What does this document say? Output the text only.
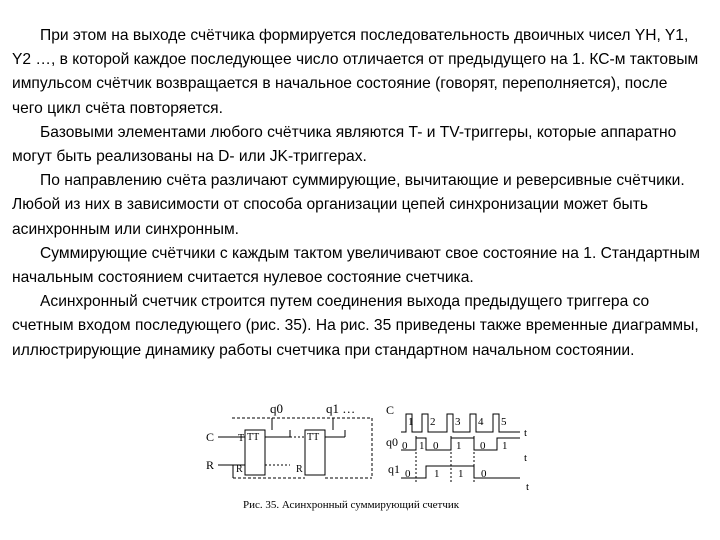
При этом на выходе счётчика формируется последовательность двоичных чисел YH, Y1, Y2 …, в которой каждое последующее число отличается от предыдущего на 1. КС-м тактовым импульсом счётчик возвращается в начальное состояние (говорят, переполняется), после чего цикл счёта повторяется.

Базовыми элементами любого счётчика являются T- и TV-триггеры, которые аппаратно могут быть реализованы на D- или JK-триггерах.

По направлению счёта различают суммирующие, вычитающие и реверсивные счётчики. Любой из них в зависимости от способа организации цепей синхронизации может быть асинхронным или синхронным.

Суммирующие счётчики с каждым тактом увеличивают свое состояние на 1. Стандартным начальным состоянием считается нулевое состояние счетчика.

Асинхронный счетчик строится путем соединения выхода предыдущего триггера со счетным входом последующего (рис. 35). На рис. 35 приведены также временные диаграммы, иллюстрирующие динамику работы счетчика при стандартном начальном состоянии.

q0	q1 …
C
R
T TT
R
TT
R
C
q0
q1
1 2 3 4 5
0 1 0 1 0 1
0 1 1 0
t
t
t
Рис. 35. Асинхронный суммирующий счетчик
